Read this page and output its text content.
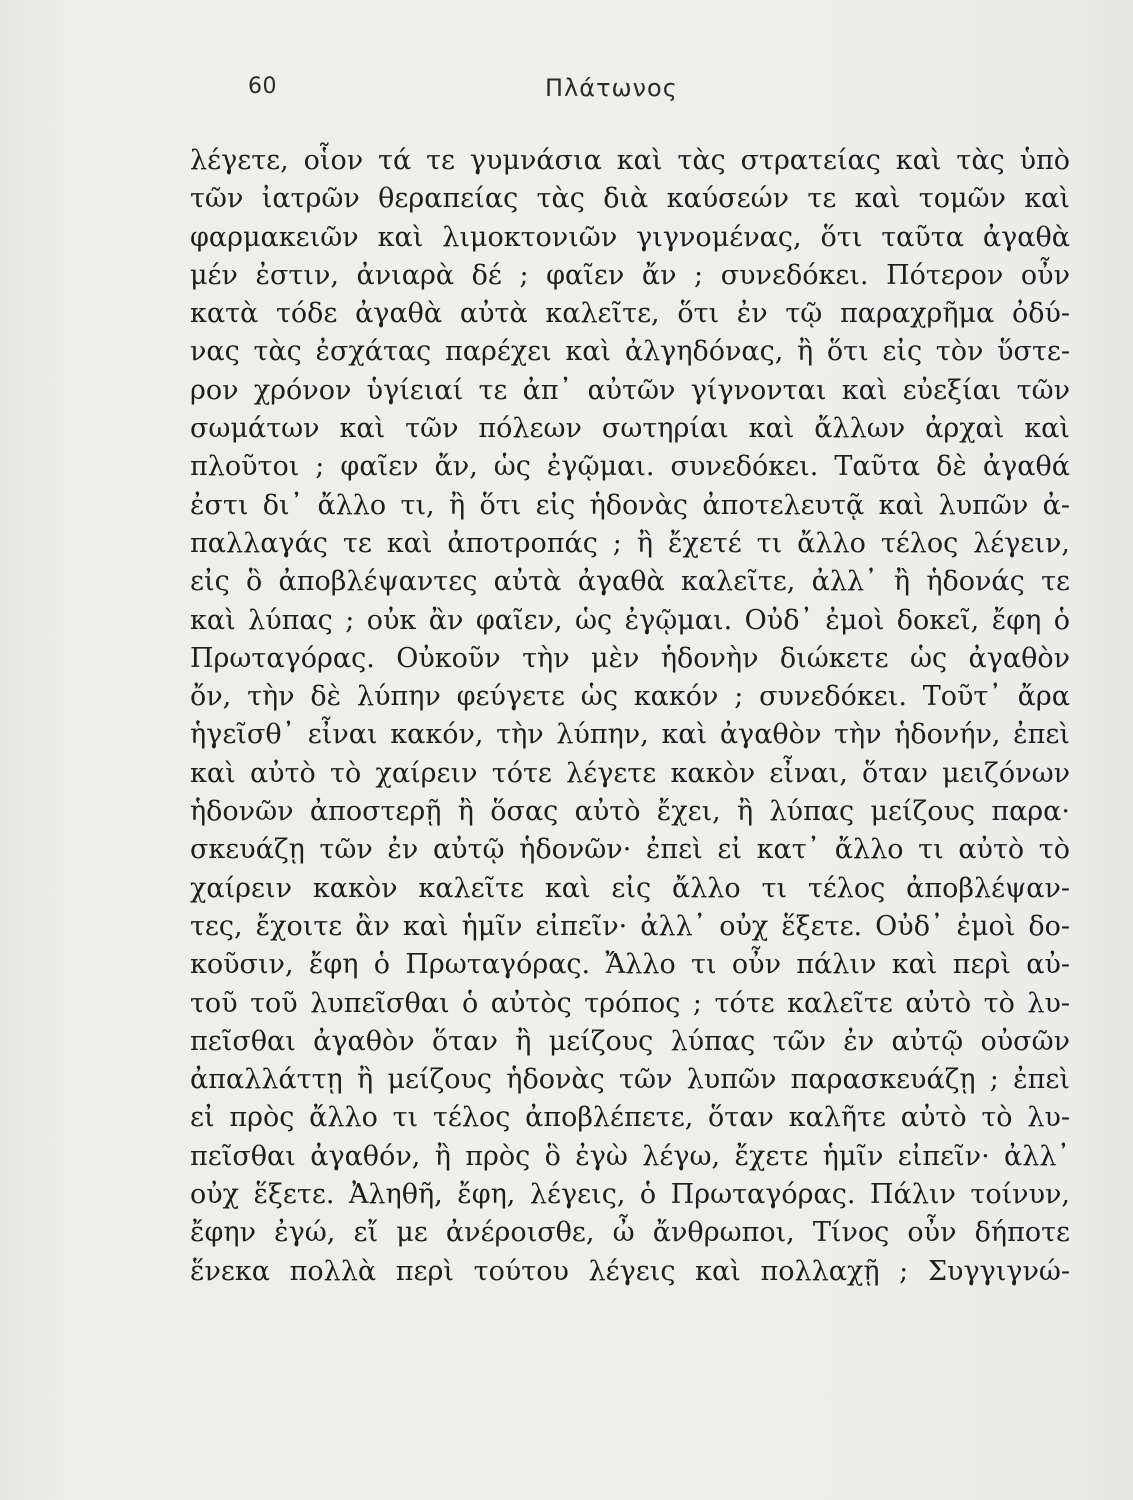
60	Πλάτωνος
λέγετε, οἷον τά τε γυμνάσια καὶ τὰς στρατείας καὶ τὰς ὑπὸ
τῶν ἰατρῶν θεραπείας τὰς διὰ καύσεών τε καὶ τομῶν καὶ
φαρμακειῶν καὶ λιμοκτονιῶν γιγνομένας, ὅτι ταῦτα ἀγαθὰ
μέν ἐστιν, ἀνιαρὰ δέ ; φαῖεν ἄν ; συνεδόκει. Πότερον οὖν
κατὰ τόδε ἀγαθὰ αὐτὰ καλεῖτε, ὅτι ἐν τῷ παραχρῆμα ὀδύ-
νας τὰς ἐσχάτας παρέχει καὶ ἀλγηδόνας, ἢ ὅτι εἰς τὸν ὕστε-
ρον χρόνον ὑγίειαί τε ἀπ᾽ αὐτῶν γίγνονται καὶ εὐεξίαι τῶν
σωμάτων καὶ τῶν πόλεων σωτηρίαι καὶ ἄλλων ἀρχαὶ καὶ
πλοῦτοι ; φαῖεν ἄν, ὡς ἐγῷμαι. συνεδόκει. Ταῦτα δὲ ἀγαθά
ἐστι δι᾽ ἄλλο τι, ἢ ὅτι εἰς ἡδονὰς ἀποτελευτᾷ καὶ λυπῶν ἀ-
παλλαγάς τε καὶ ἀποτροπάς ; ἢ ἔχετέ τι ἄλλο τέλος λέγειν,
εἰς ὃ ἀποβλέψαντες αὐτὰ ἀγαθὰ καλεῖτε, ἀλλ᾽ ἢ ἡδονάς τε
καὶ λύπας ; οὐκ ἂν φαῖεν, ὡς ἐγῷμαι. Οὐδ᾽ ἐμοὶ δοκεῖ, ἔφη ὁ
Πρωταγόρας. Οὐκοῦν τὴν μὲν ἡδονὴν διώκετε ὡς ἀγαθὸν
ὄν, τὴν δὲ λύπην φεύγετε ὡς κακόν ; συνεδόκει. Τοῦτ᾽ ἄρα
ἡγεῖσθ᾽ εἶναι κακόν, τὴν λύπην, καὶ ἀγαθὸν τὴν ἡδονήν, ἐπεὶ
καὶ αὐτὸ τὸ χαίρειν τότε λέγετε κακὸν εἶναι, ὅταν μειζόνων
ἡδονῶν ἀποστερῇ ἢ ὅσας αὐτὸ ἔχει, ἢ λύπας μείζους παρα·
σκευάζῃ τῶν ἐν αὐτῷ ἡδονῶν· ἐπεὶ εἰ κατ᾽ ἄλλο τι αὐτὸ τὸ
χαίρειν κακὸν καλεῖτε καὶ εἰς ἄλλο τι τέλος ἀποβλέψαν-
τες, ἔχοιτε ἂν καὶ ἡμῖν εἰπεῖν· ἀλλ᾽ οὐχ ἕξετε. Οὐδ᾽ ἐμοὶ δο-
κοῦσιν, ἔφη ὁ Πρωταγόρας. Ἄλλο τι οὖν πάλιν καὶ περὶ αὐ-
τοῦ τοῦ λυπεῖσθαι ὁ αὐτὸς τρόπος ; τότε καλεῖτε αὐτὸ τὸ λυ-
πεῖσθαι ἀγαθὸν ὅταν ἢ μείζους λύπας τῶν ἐν αὐτῷ οὐσῶν
ἀπαλλάττῃ ἢ μείζους ἡδονὰς τῶν λυπῶν παρασκευάζῃ ; ἐπεὶ
εἰ πρὸς ἄλλο τι τέλος ἀποβλέπετε, ὅταν καλῆτε αὐτὸ τὸ λυ-
πεῖσθαι ἀγαθόν, ἢ πρὸς ὃ ἐγὼ λέγω, ἔχετε ἡμῖν εἰπεῖν· ἀλλ᾽
οὐχ ἕξετε. Ἀληθῆ, ἔφη, λέγεις, ὁ Πρωταγόρας. Πάλιν τοίνυν,
ἔφην ἐγώ, εἴ με ἀνέροισθε, ὦ ἄνθρωποι, Τίνος οὖν δήποτε
ἕνεκα πολλὰ περὶ τούτου λέγεις καὶ πολλαχῇ ; Συγγιγνώ-
